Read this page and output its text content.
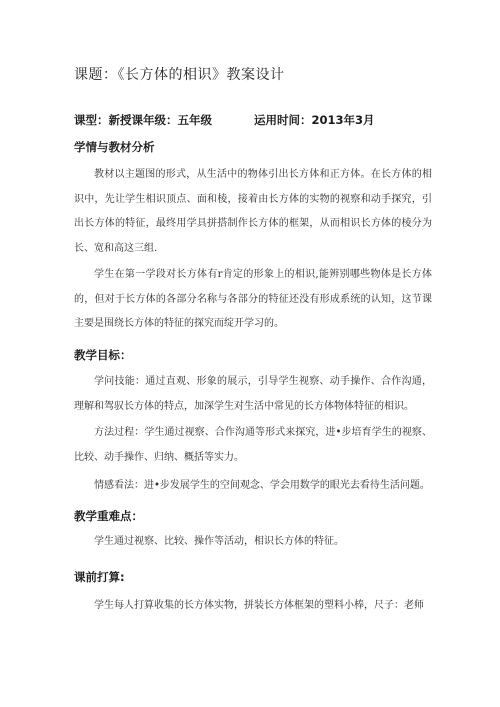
课题：《长方体的相识》教案设计
课型：新授课年级：五年级	运用时间：2013年3月
学情与教材分析
教材以主题图的形式，从生活中的物体引出长方体和正方体。在长方体的相识中，先让学生相识顶点、面和棱，接着由长方体的实物的视察和动手探究，引出长方体的特征，最终用学具拼搭制作长方体的框架，从而相识长方体的棱分为长、宽和高这三组.
学生在第一学段对长方体有r肯定的形象上的相识,能辨别哪些物体是长方体的，但对于长方体的各部分名称与各部分的特征还没有形成系统的认知，这节课主要是围绕长方体的特征的探究而绽开学习的。
教学目标：
学问技能：通过直观、形象的展示，引导学生视察、动手操作、合作沟通，理解和驾驭长方体的特点，加深学生对生活中常见的长方体物体特征的相识。
方法过程：学生通过视察、合作沟通等形式来探究，进•步培育学生的视察、比较、动手操作、归纳、概括等实力。
情感看法：进•步发展学生的空间观念、学会用数学的眼光去看待生活问题。
教学重难点：
学生通过视察、比较、操作等活动，相识长方体的特征。
课前打算:
学生每人打算收集的长方体实物，拼装长方体框架的塑料小棒，尺子：老师
